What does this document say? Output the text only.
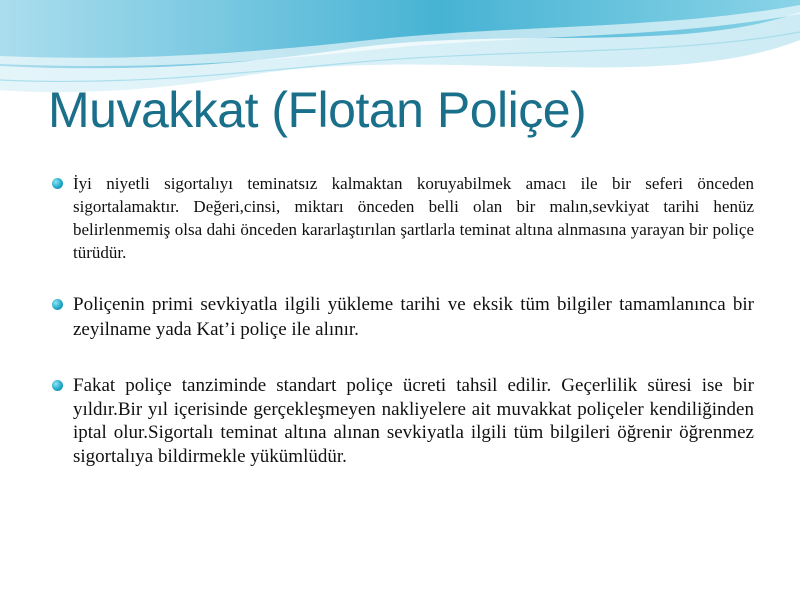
Muvakkat (Flotan Poliçe)
İyi niyetli sigortalıyı teminatsız kalmaktan koruyabilmek amacı ile bir seferi önceden sigortalamaktır. Değeri,cinsi, miktarı önceden belli olan bir malın,sevkiyat tarihi henüz belirlenmemiş olsa dahi önceden kararlaştırılan şartlarla teminat altına alnmasına yarayan bir poliçe türüdür.
Poliçenin primi sevkiyatla ilgili yükleme tarihi ve eksik tüm bilgiler tamamlanınca bir zeyilname yada Kat’i poliçe ile alınır.
Fakat poliçe tanziminde standart poliçe ücreti tahsil edilir. Geçerlilik süresi ise bir yıldır.Bir yıl içerisinde gerçekleşmeyen nakliyelere ait muvakkat poliçeler kendiliğinden iptal olur.Sigortalı teminat altına alınan sevkiyatla ilgili tüm bilgileri öğrenir öğrenmez sigortalıya bildirmekle yükümlüdür.
